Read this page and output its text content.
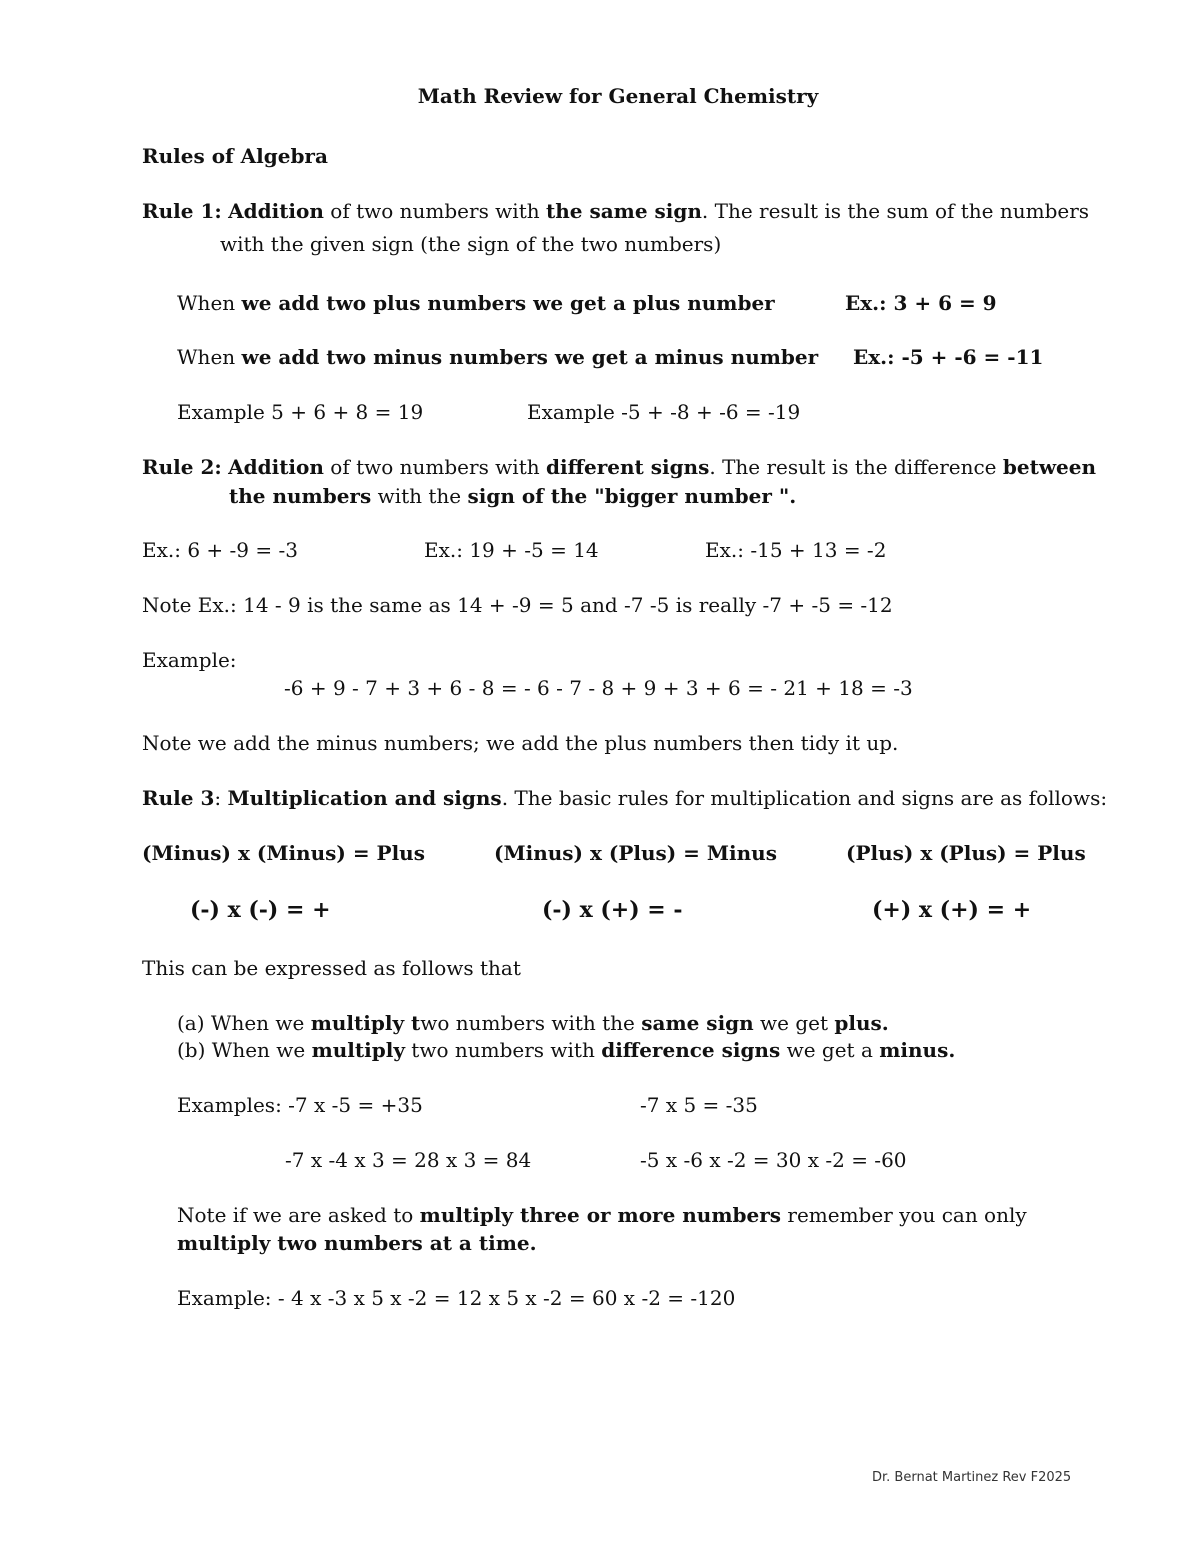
Math Review for General Chemistry
Rules of Algebra
Rule 1: Addition of two numbers with the same sign. The result is the sum of the numbers
with the given sign (the sign of the two numbers)
When we add two plus numbers we get a plus number	Ex.: 3 + 6 = 9
When we add two minus numbers we get a minus number Ex.: -5 + -6 = -11
Example 5 + 6 + 8 = 19	Example -5 + -8 + -6 = -19
Rule 2: Addition of two numbers with different signs. The result is the difference between
the numbers with the sign of the "bigger number ".
Ex.: 6 + -9 = -3	Ex.: 19 + -5 = 14	Ex.: -15 + 13 = -2
Note Ex.: 14 - 9 is the same as 14 + -9 = 5 and -7 -5 is really -7 + -5 = -12
Example:
-6 + 9 - 7 + 3 + 6 - 8 = - 6 - 7 - 8 + 9 + 3 + 6 = - 21 + 18 = -3
Note we add the minus numbers; we add the plus numbers then tidy it up.
Rule 3: Multiplication and signs. The basic rules for multiplication and signs are as follows:
(Minus) x (Minus) = Plus	(Minus) x (Plus) = Minus	(Plus) x (Plus) = Plus
(-) x (-) = +	(-) x (+) = -	(+) x (+) = +
This can be expressed as follows that
(a) When we multiply two numbers with the same sign we get plus.
(b) When we multiply two numbers with difference signs we get a minus.
Examples: -7 x -5 = +35	-7 x 5 = -35
-7 x -4 x 3 = 28 x 3 = 84	-5 x -6 x -2 = 30 x -2 = -60
Note if we are asked to multiply three or more numbers remember you can only
multiply two numbers at a time.
Example: - 4 x -3 x 5 x -2 = 12 x 5 x -2 = 60 x -2 = -120
Dr. Bernat Martinez Rev F2025
